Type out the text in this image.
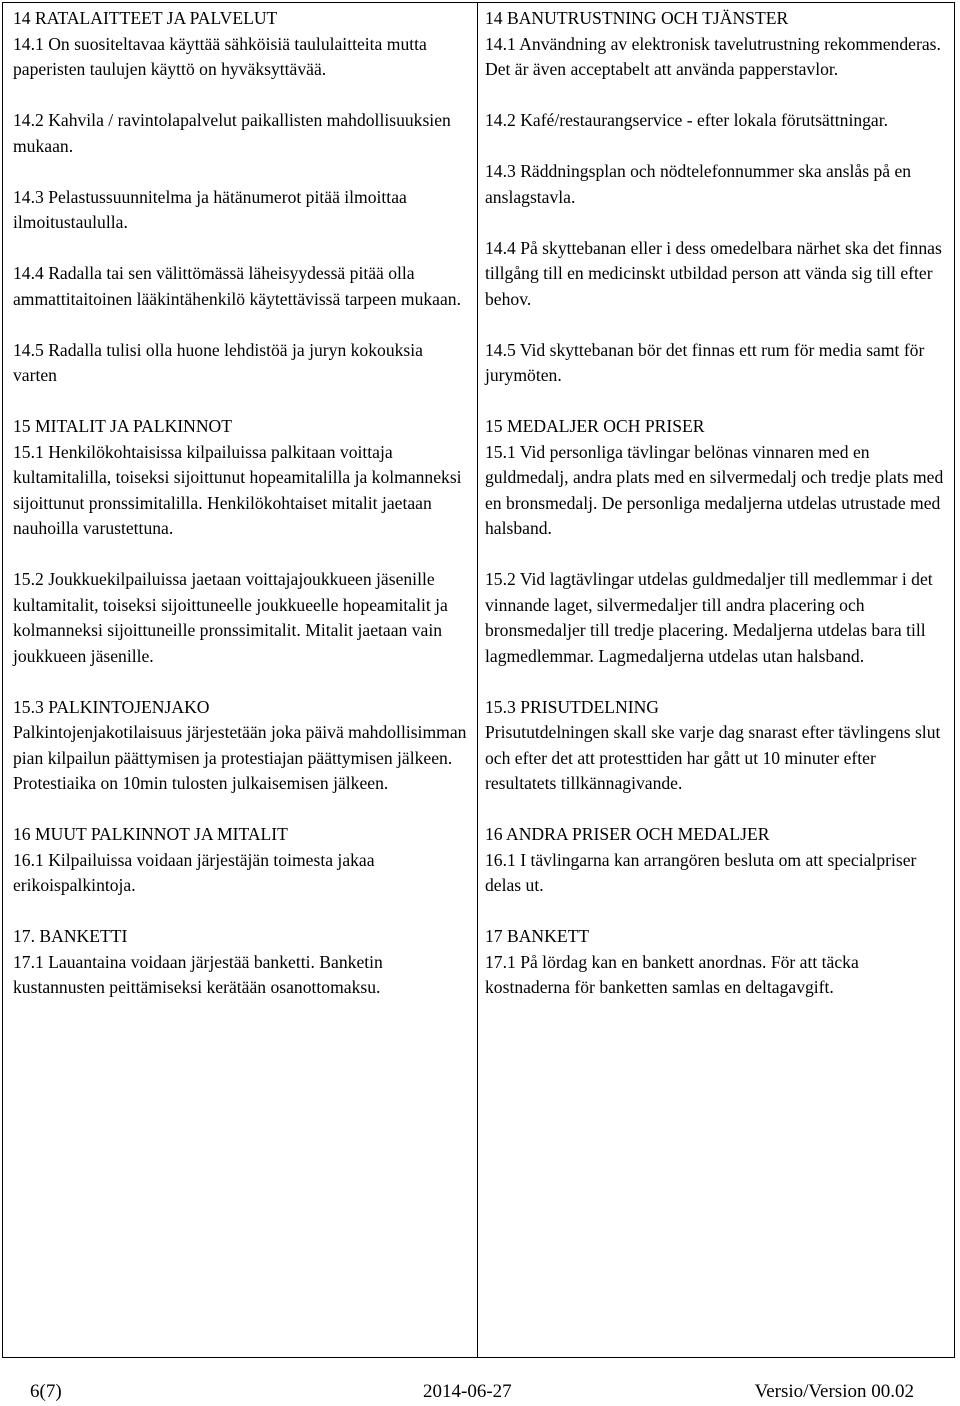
14 RATALAITTEET JA PALVELUT

14.1 On suositeltavaa käyttää sähköisiä taululaitteita mutta paperisten taulujen käyttö on hyväksyttävää.

14.2 Kahvila / ravintolapalvelut paikallisten mahdollisuuksien mukaan.

14.3 Pelastussuunnitelma ja hätänumerot pitää ilmoittaa ilmoitustaululla.

14.4 Radalla tai sen välittömässä läheisyydessä pitää olla ammattitaitoinen lääkintähenkilö käytettävissä tarpeen mukaan.

14.5 Radalla tulisi olla huone lehdistöä ja juryn kokouksia varten

15 MITALIT JA PALKINNOT

15.1 Henkilökohtaisissa kilpailuissa palkitaan voittaja kultamitalilla, toiseksi sijoittunut hopeamitalilla ja kolmanneksi sijoittunut pronssimitalilla. Henkilökohtaiset mitalit jaetaan nauhoilla varustettuna.

15.2 Joukkuekilpailuissa jaetaan voittajajoukkueen jäsenille kultamitalit, toiseksi sijoittuneelle joukkueelle hopeamitalit ja kolmanneksi sijoittuneille pronssimitalit. Mitalit jaetaan vain joukkueen jäsenille.

15.3 PALKINTOJENJAKO

Palkintojenjakotilaisuus järjestetään joka päivä mahdollisimman pian kilpailun päättymisen ja protestiajan päättymisen jälkeen. Protestiaika on 10min tulosten julkaisemisen jälkeen.

16 MUUT PALKINNOT JA MITALIT

16.1 Kilpailuissa voidaan järjestäjän toimesta jakaa erikoispalkintoja.

17. BANKETTI

17.1 Lauantaina voidaan järjestää banketti. Banketin kustannusten peittämiseksi kerätään osanottomaksu.

14 BANUTRUSTNING OCH TJÄNSTER

14.1 Användning av elektronisk tavelutrustning rekommenderas. Det är även acceptabelt att använda papperstavlor.

14.2 Kafé/restaurangservice - efter lokala förutsättningar.

14.3 Räddningsplan och nödtelefonnummer ska anslås på en anslagstavla.

14.4 På skyttebanan eller i dess omedelbara närhet ska det finnas tillgång till en medicinskt utbildad person att vända sig till efter behov.

14.5 Vid skyttebanan bör det finnas ett rum för media samt för jurymöten.

15 MEDALJER OCH PRISER

15.1 Vid personliga tävlingar belönas vinnaren med en guldmedalj, andra plats med en silvermedalj och tredje plats med en bronsmedalj. De personliga medaljerna utdelas utrustade med halsband.

15.2 Vid lagtävlingar utdelas guldmedaljer till medlemmar i det vinnande laget, silvermedaljer till andra placering och bronsmedaljer till tredje placering. Medaljerna utdelas bara till lagmedlemmar. Lagmedaljerna utdelas utan halsband.

15.3 PRISUTDELNING

Prisututdelningen skall ske varje dag snarast efter tävlingens slut och efter det att protesttiden har gått ut 10 minuter efter resultatets tillkännagivande.

16 ANDRA PRISER OCH MEDALJER

16.1 I tävlingarna kan arrangören besluta om att specialpriser delas ut.

17 BANKETT

17.1 På lördag kan en bankett anordnas. För att täcka kostnaderna för banketten samlas en deltagavgift.

6(7)	2014-06-27	Versio/Version 00.02
